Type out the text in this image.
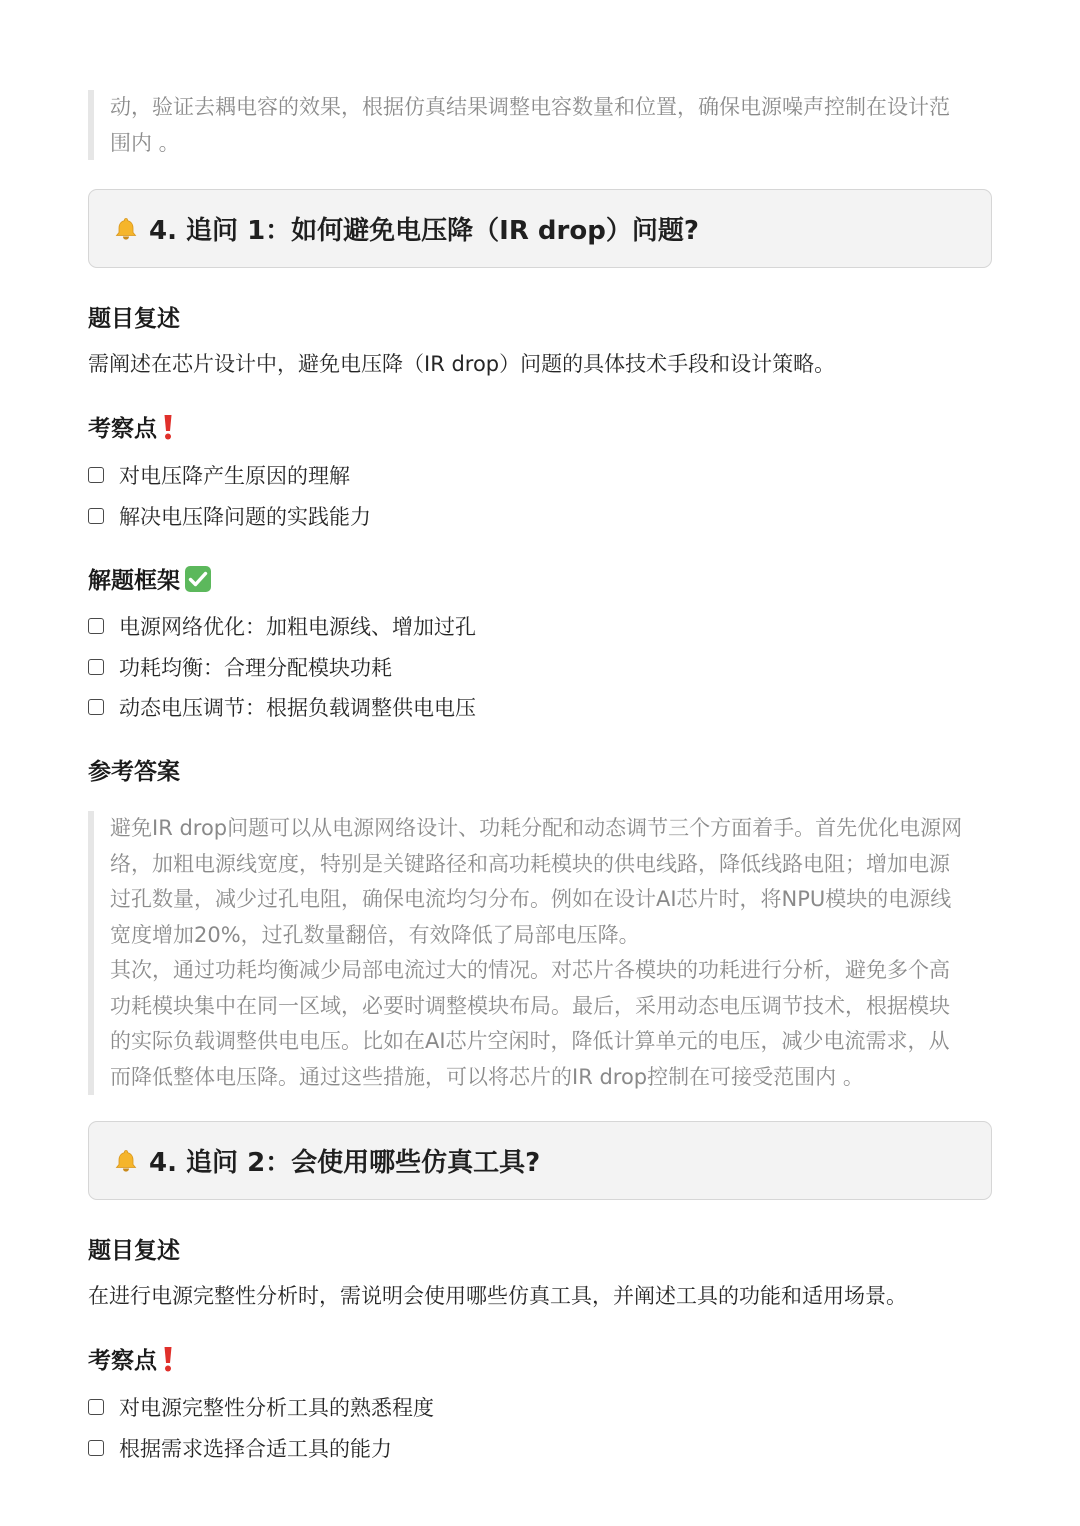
动，验证去耦电容的效果，根据仿真结果调整电容数量和位置，确保电源噪声控制在设计范

围内 。

4. 追问 1：如何避免电压降（IR drop）问题?
题目复述
需阐述在芯片设计中，避免电压降（IR drop）问题的具体技术手段和设计策略。
考察点
对电压降产生原因的理解
解决电压降问题的实践能力
解题框架
电源网络优化：加粗电源线、增加过孔
功耗均衡：合理分配模块功耗
动态电压调节：根据负载调整供电电压
参考答案

避免IR drop问题可以从电源网络设计、功耗分配和动态调节三个方面着手。首先优化电源网

络，加粗电源线宽度，特别是关键路径和高功耗模块的供电线路，降低线路电阻；增加电源

过孔数量，减少过孔电阻，确保电流均匀分布。例如在设计AI芯片时，将NPU模块的电源线

宽度增加20%，过孔数量翻倍，有效降低了局部电压降。

其次，通过功耗均衡减少局部电流过大的情况。对芯片各模块的功耗进行分析，避免多个高

功耗模块集中在同一区域，必要时调整模块布局。最后，采用动态电压调节技术，根据模块

的实际负载调整供电电压。比如在AI芯片空闲时，降低计算单元的电压，减少电流需求，从

而降低整体电压降。通过这些措施，可以将芯片的IR drop控制在可接受范围内 。

4. 追问 2：会使用哪些仿真工具?
题目复述
在进行电源完整性分析时，需说明会使用哪些仿真工具，并阐述工具的功能和适用场景。
考察点
对电源完整性分析工具的熟悉程度
根据需求选择合适工具的能力
